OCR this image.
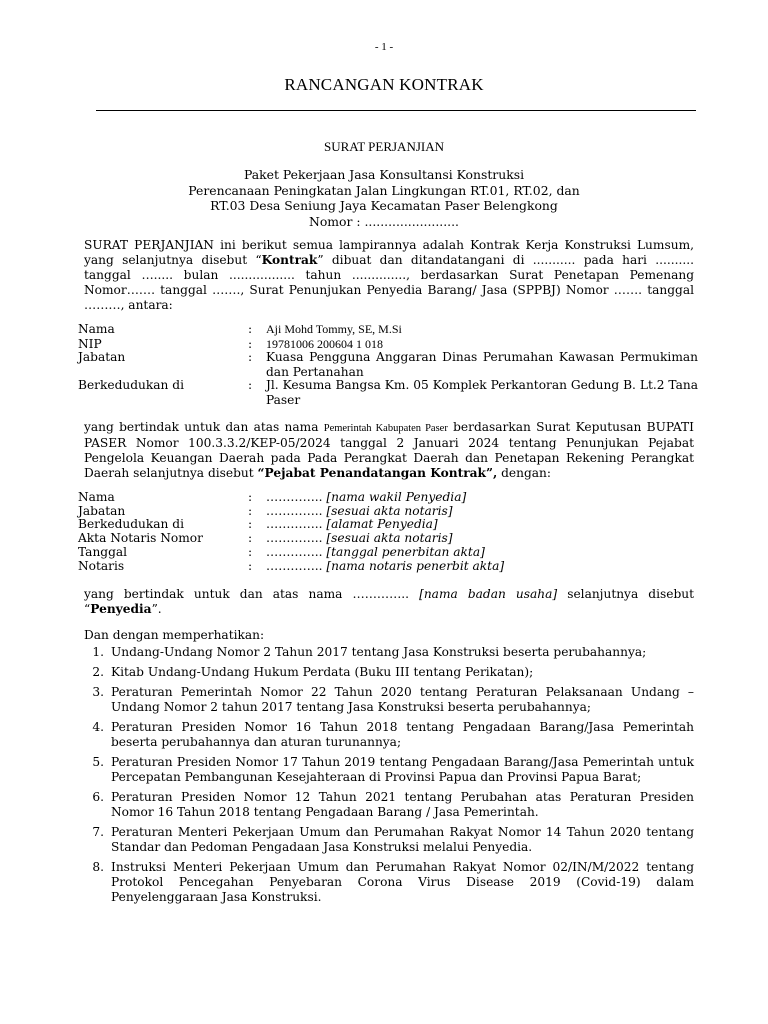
- 1 -
RANCANGAN KONTRAK
SURAT PERJANJIAN
Paket Pekerjaan Jasa Konsultansi Konstruksi
Perencanaan Peningkatan Jalan Lingkungan RT.01, RT.02, dan
RT.03 Desa Seniung Jaya Kecamatan Paser Belengkong
Nomor : ........................
SURAT PERJANJIAN ini berikut semua lampirannya adalah Kontrak Kerja Konstruksi Lumsum, yang selanjutnya disebut “Kontrak” dibuat dan ditandatangani di ........... pada hari .......... tanggal …..... bulan ................. tahun .............., berdasarkan Surat Penetapan Pemenang Nomor……. tanggal ……., Surat Penunjukan Penyedia Barang/ Jasa (SPPBJ) Nomor ……. tanggal ………, antara:
Nama	: Aji Mohd Tommy, SE, M.Si
NIP	: 19781006 200604 1 018
Jabatan	: Kuasa Pengguna Anggaran Dinas Perumahan Kawasan Permukiman dan Pertanahan
Berkedudukan di	: Jl. Kesuma Bangsa Km. 05 Komplek Perkantoran Gedung B. Lt.2 Tana Paser
yang bertindak untuk dan atas nama Pemerintah Kabupaten Paser berdasarkan Surat Keputusan BUPATI PASER Nomor 100.3.3.2/KEP-05/2024 tanggal 2 Januari 2024 tentang Penunjukan Pejabat Pengelola Keuangan Daerah pada Pada Perangkat Daerah dan Penetapan Rekening Perangkat Daerah selanjutnya disebut “Pejabat Penandatangan Kontrak”, dengan:
Nama	: ………….. [nama wakil Penyedia]
Jabatan	: ………….. [sesuai akta notaris]
Berkedudukan di	: ………….. [alamat Penyedia]
Akta Notaris Nomor	: ………….. [sesuai akta notaris]
Tanggal	: ………….. [tanggal penerbitan akta]
Notaris	: ………….. [nama notaris penerbit akta]
yang bertindak untuk dan atas nama ………….. [nama badan usaha] selanjutnya disebut “Penyedia”.
Dan dengan memperhatikan:
1. Undang-Undang Nomor 2 Tahun 2017 tentang Jasa Konstruksi beserta perubahannya;
2. Kitab Undang-Undang Hukum Perdata (Buku III tentang Perikatan);
3. Peraturan Pemerintah Nomor 22 Tahun 2020 tentang Peraturan Pelaksanaan Undang – Undang Nomor 2 tahun 2017 tentang Jasa Konstruksi beserta perubahannya;
4. Peraturan Presiden Nomor 16 Tahun 2018 tentang Pengadaan Barang/Jasa Pemerintah beserta perubahannya dan aturan turunannya;
5. Peraturan Presiden Nomor 17 Tahun 2019 tentang Pengadaan Barang/Jasa Pemerintah untuk Percepatan Pembangunan Kesejahteraan di Provinsi Papua dan Provinsi Papua Barat;
6. Peraturan Presiden Nomor 12 Tahun 2021 tentang Perubahan atas Peraturan Presiden Nomor 16 Tahun 2018 tentang Pengadaan Barang / Jasa Pemerintah.
7. Peraturan Menteri Pekerjaan Umum dan Perumahan Rakyat Nomor 14 Tahun 2020 tentang Standar dan Pedoman Pengadaan Jasa Konstruksi melalui Penyedia.
8. Instruksi Menteri Pekerjaan Umum dan Perumahan Rakyat Nomor 02/IN/M/2022 tentang Protokol Pencegahan Penyebaran Corona Virus Disease 2019 (Covid-19) dalam Penyelenggaraan Jasa Konstruksi.
